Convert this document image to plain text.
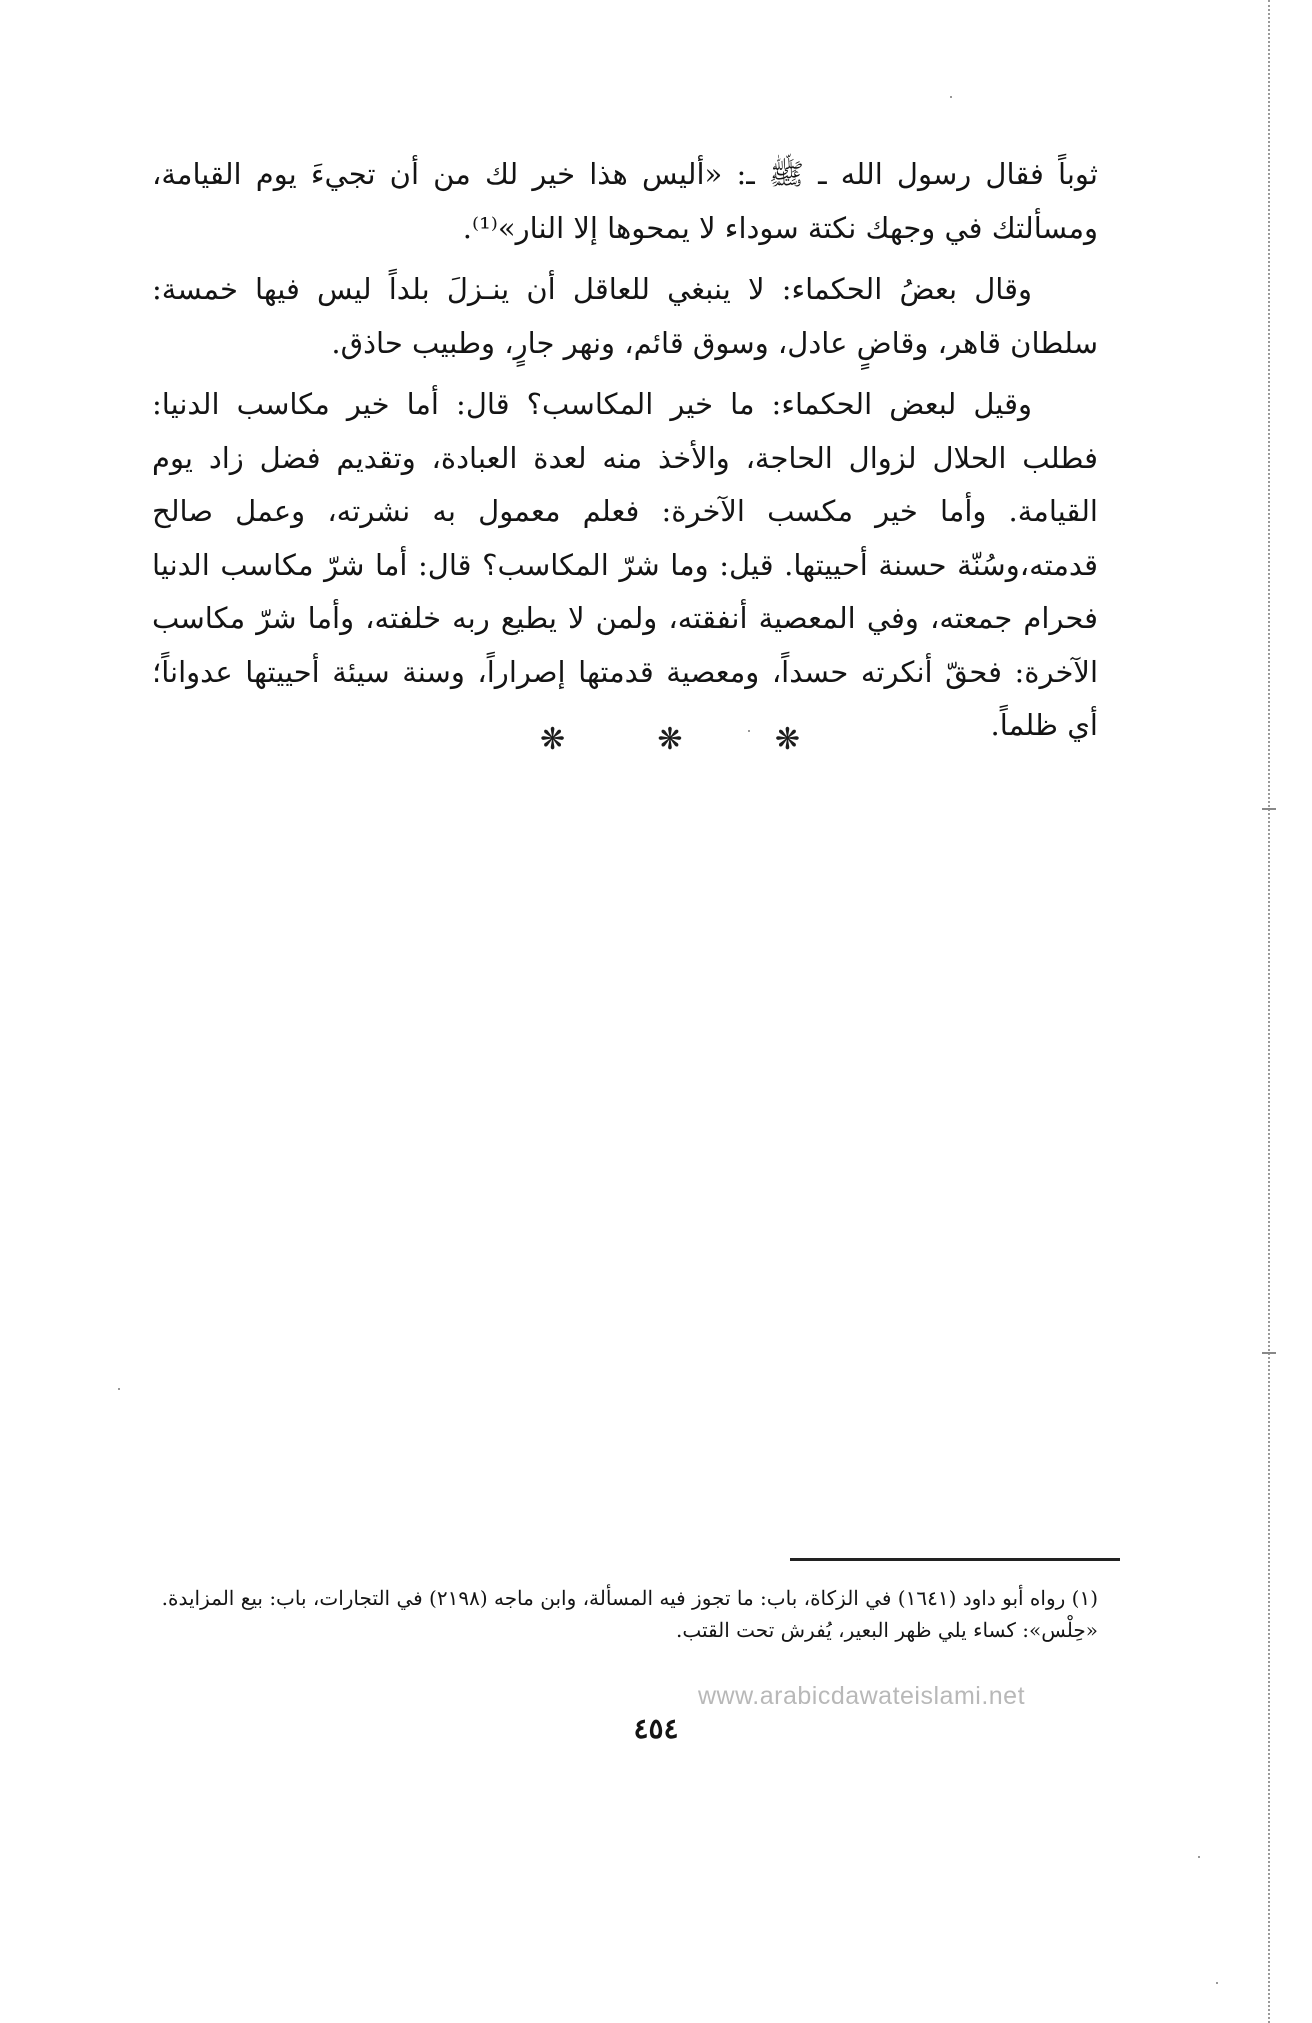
ثوباً فقال رسول الله ـ ﷺ ـ: «أليس هذا خير لك من أن تجيءَ يوم القيامة، ومسألتك في وجهك نكتة سوداء لا يمحوها إلا النار»⁽¹⁾.

وقال بعضُ الحكماء: لا ينبغي للعاقل أن ينـزلَ بلداً ليس فيها خمسة: سلطان قاهر، وقاضٍ عادل، وسوق قائم، ونهر جارٍ، وطبيب حاذق.

وقيل لبعض الحكماء: ما خير المكاسب؟ قال: أما خير مكاسب الدنيا: فطلب الحلال لزوال الحاجة، والأخذ منه لعدة العبادة، وتقديم فضل زاد يوم القيامة. وأما خير مكسب الآخرة: فعلم معمول به نشرته، وعمل صالح قدمته،وسُنّة حسنة أحييتها. قيل: وما شرّ المكاسب؟ قال: أما شرّ مكاسب الدنيا فحرام جمعته، وفي المعصية أنفقته، ولمن لا يطيع ربه خلفته، وأما شرّ مكاسب الآخرة: فحقّ أنكرته حسداً، ومعصية قدمتها إصراراً، وسنة سيئة أحييتها عدواناً؛ أي ظلماً.

❋	❋	❋

(١) رواه أبو داود (١٦٤١) في الزكاة، باب: ما تجوز فيه المسألة، وابن ماجه (٢١٩٨) في التجارات، باب: بيع المزايدة. «حِلْس»: كساء يلي ظهر البعير، يُفرش تحت القتب.

www.arabicdawateislami.net
٤٥٤
